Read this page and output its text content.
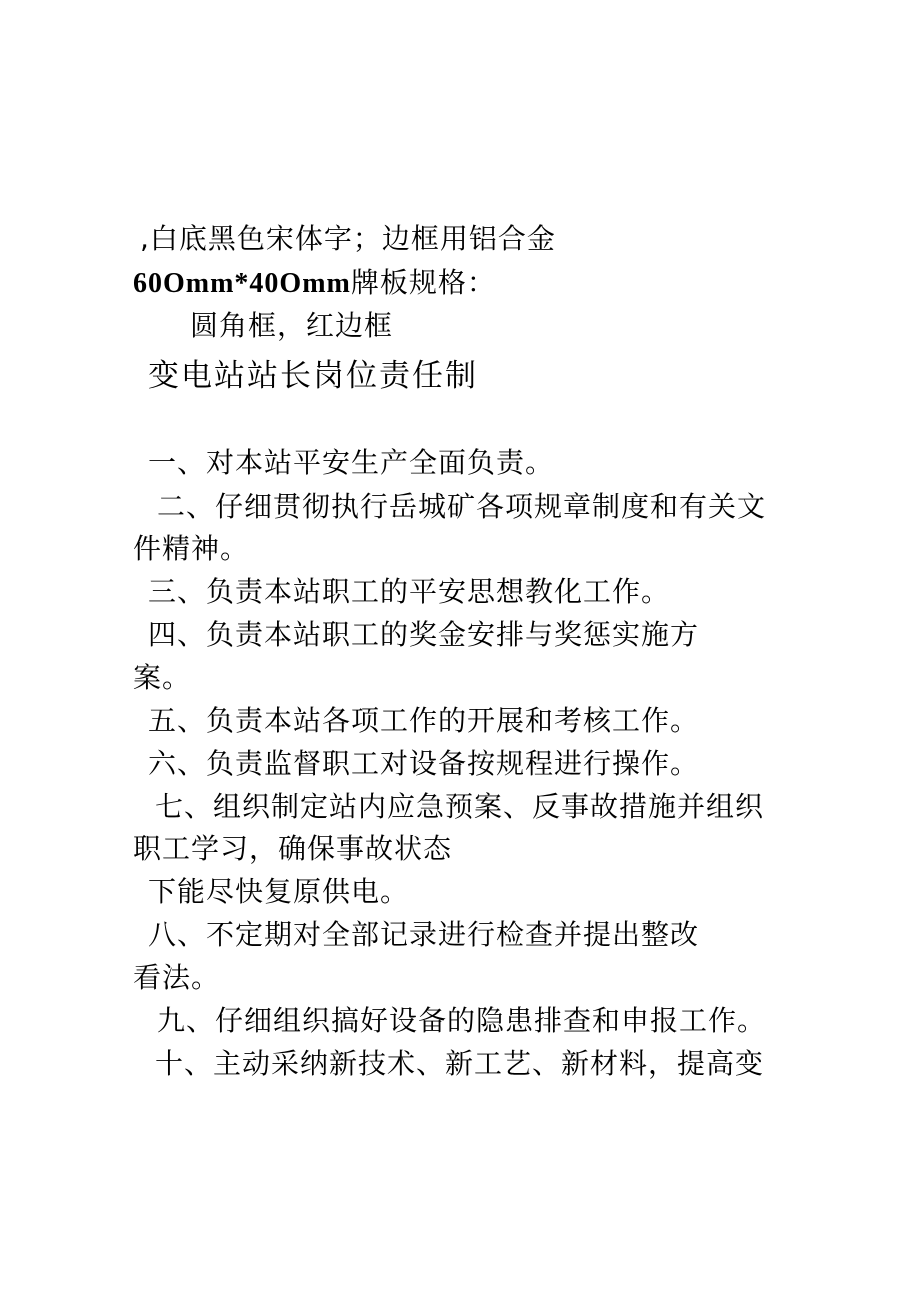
,白底黑色宋体字；边框用铝合金
60Omm*40Omm牌板规格：
圆角框，红边框
变电站站长岗位责任制
一、对本站平安生产全面负责。
二、仔细贯彻执行岳城矿各项规章制度和有关文
件精神。
三、负责本站职工的平安思想教化工作。
四、负责本站职工的奖金安排与奖惩实施方
案。
五、负责本站各项工作的开展和考核工作。
六、负责监督职工对设备按规程进行操作。
七、组织制定站内应急预案、反事故措施并组织
职工学习，确保事故状态
下能尽快复原供电。
八、不定期对全部记录进行检查并提出整改
看法。
九、仔细组织搞好设备的隐患排查和申报工作。
十、主动采纳新技术、新工艺、新材料，提高变
